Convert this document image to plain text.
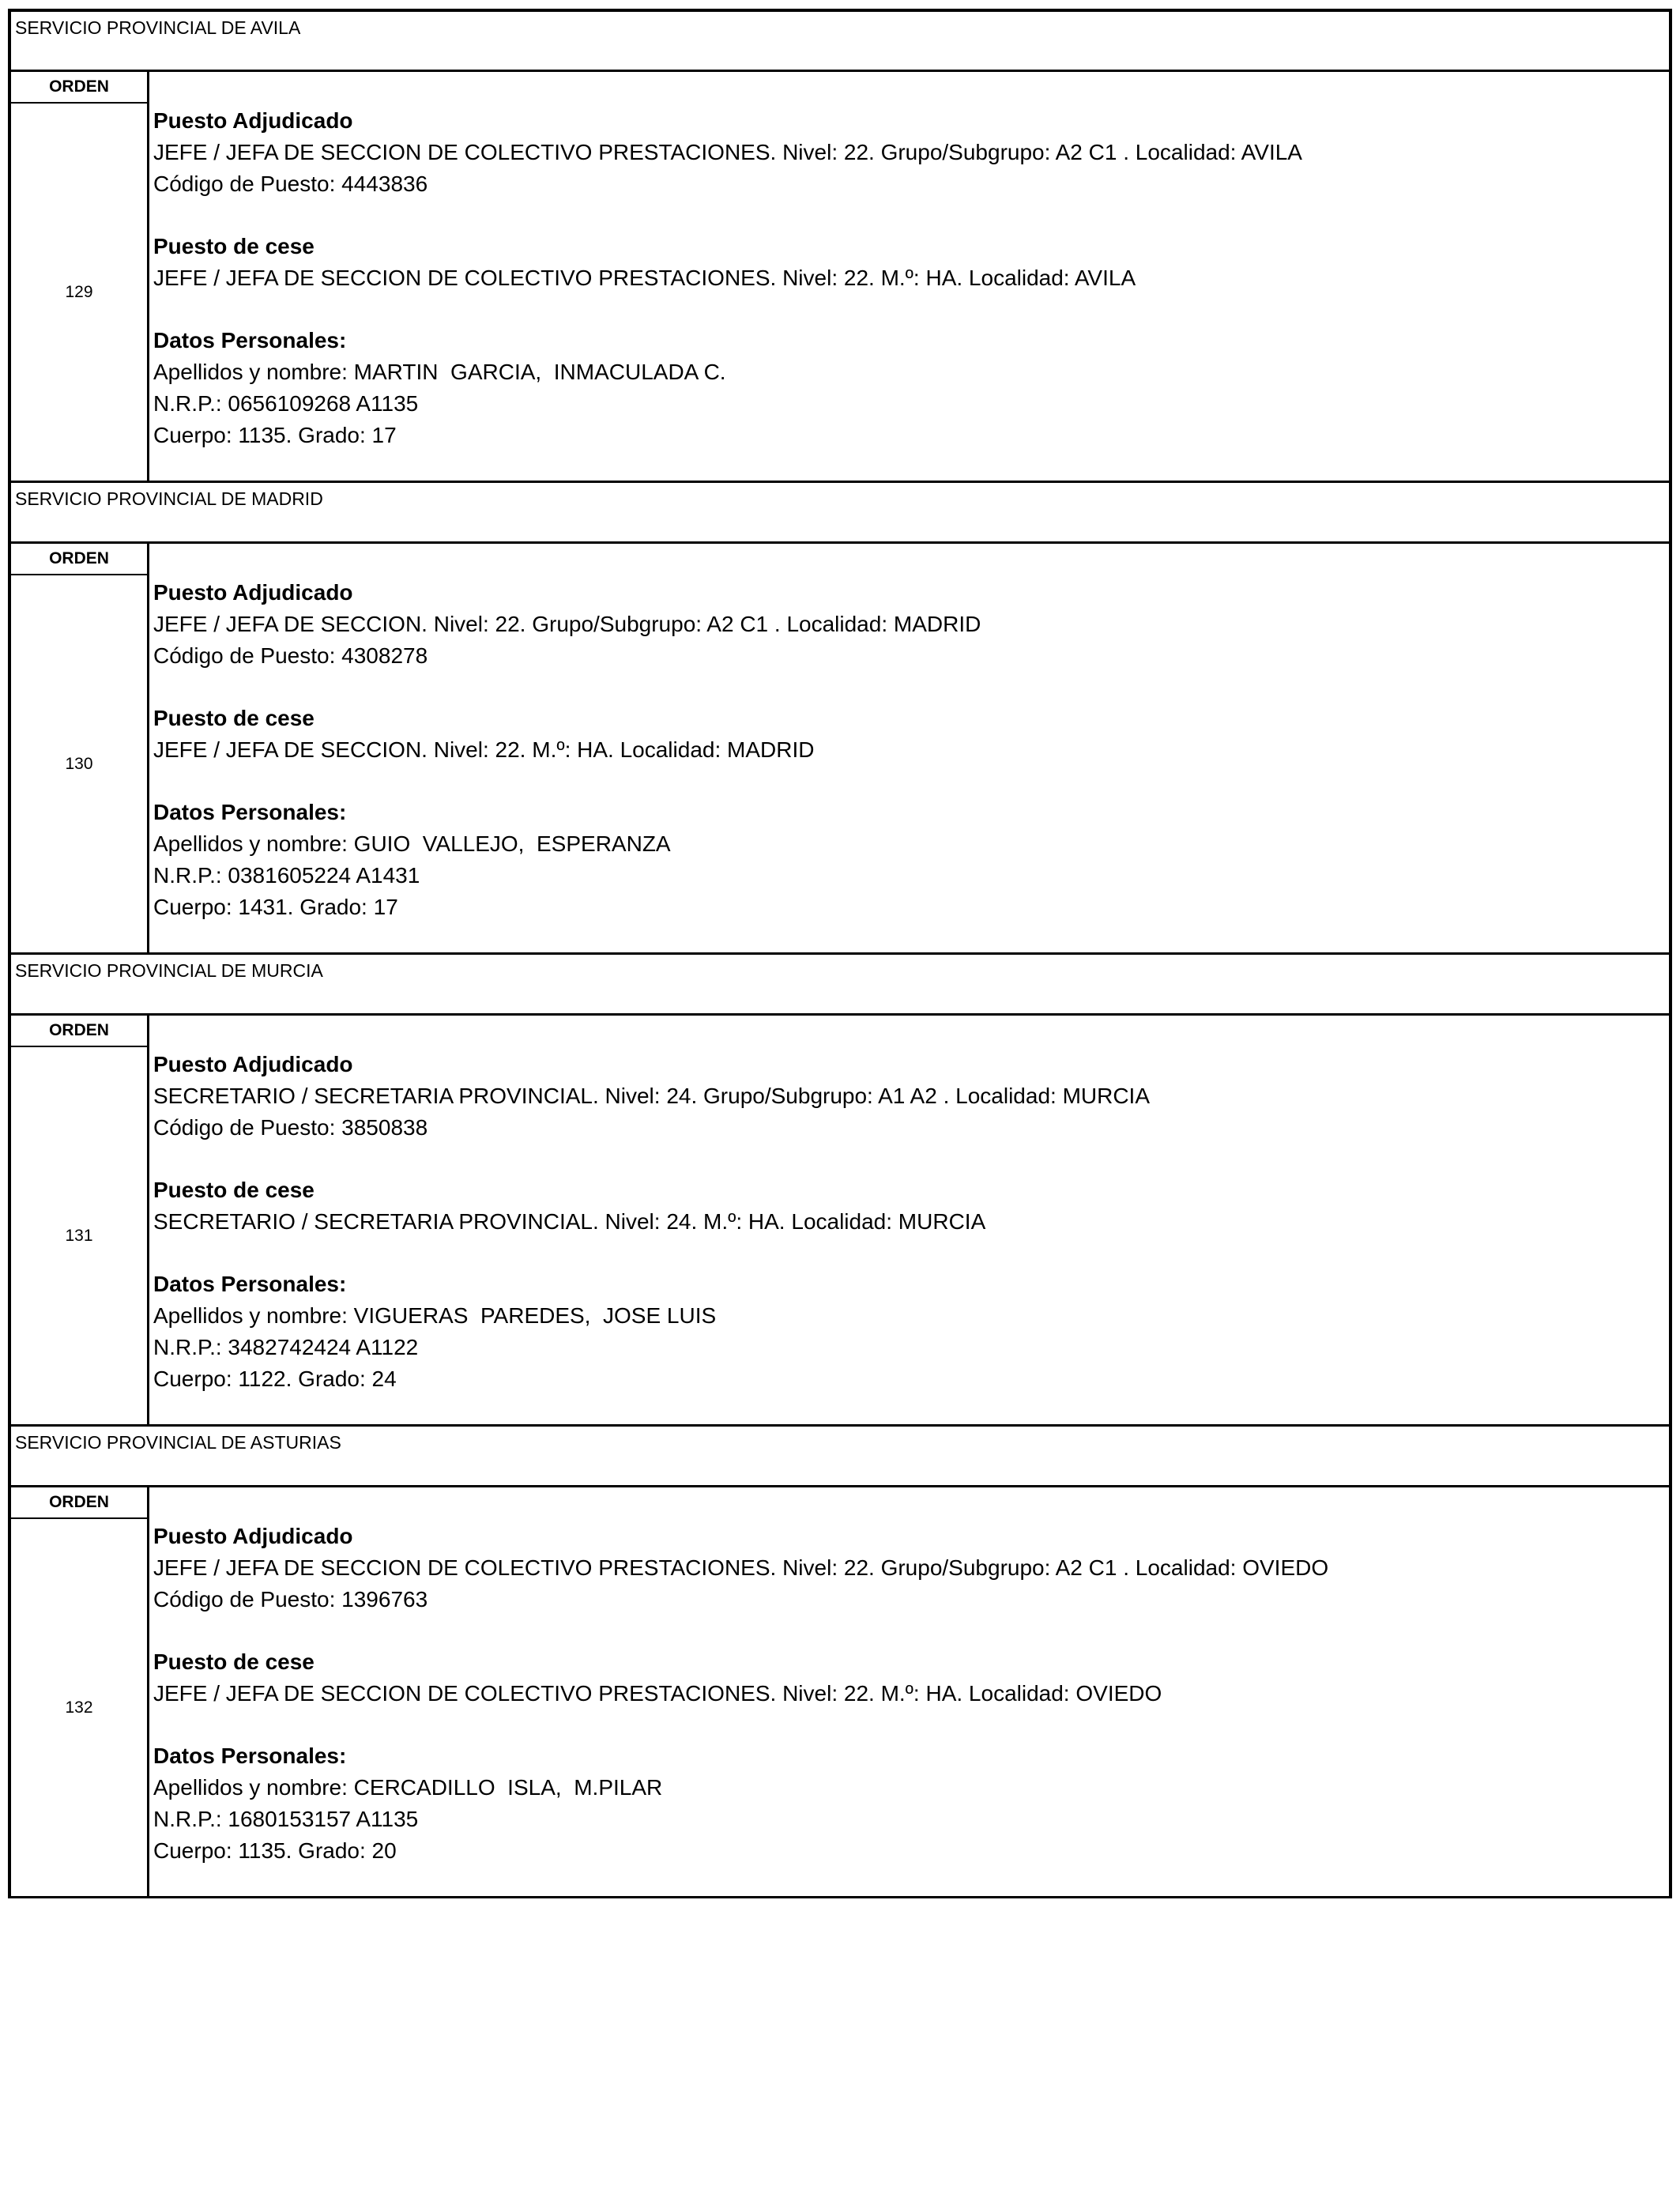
SERVICIO PROVINCIAL DE AVILA
ORDEN
129
Puesto Adjudicado
JEFE / JEFA DE SECCION DE COLECTIVO PRESTACIONES. Nivel: 22. Grupo/Subgrupo: A2 C1 . Localidad: AVILA
Código de Puesto: 4443836
Puesto de cese
JEFE / JEFA DE SECCION DE COLECTIVO PRESTACIONES. Nivel: 22. M.º: HA. Localidad: AVILA
Datos Personales:
Apellidos y nombre: MARTIN  GARCIA,  INMACULADA C.
N.R.P.: 0656109268 A1135
Cuerpo: 1135. Grado: 17
SERVICIO PROVINCIAL DE MADRID
ORDEN
130
Puesto Adjudicado
JEFE / JEFA DE SECCION. Nivel: 22. Grupo/Subgrupo: A2 C1 . Localidad: MADRID
Código de Puesto: 4308278
Puesto de cese
JEFE / JEFA DE SECCION. Nivel: 22. M.º: HA. Localidad: MADRID
Datos Personales:
Apellidos y nombre: GUIO  VALLEJO,  ESPERANZA
N.R.P.: 0381605224 A1431
Cuerpo: 1431. Grado: 17
SERVICIO PROVINCIAL DE MURCIA
ORDEN
131
Puesto Adjudicado
SECRETARIO / SECRETARIA PROVINCIAL. Nivel: 24. Grupo/Subgrupo: A1 A2 . Localidad: MURCIA
Código de Puesto: 3850838
Puesto de cese
SECRETARIO / SECRETARIA PROVINCIAL. Nivel: 24. M.º: HA. Localidad: MURCIA
Datos Personales:
Apellidos y nombre: VIGUERAS  PAREDES,  JOSE LUIS
N.R.P.: 3482742424 A1122
Cuerpo: 1122. Grado: 24
SERVICIO PROVINCIAL DE ASTURIAS
ORDEN
132
Puesto Adjudicado
JEFE / JEFA DE SECCION DE COLECTIVO PRESTACIONES. Nivel: 22. Grupo/Subgrupo: A2 C1 . Localidad: OVIEDO
Código de Puesto: 1396763
Puesto de cese
JEFE / JEFA DE SECCION DE COLECTIVO PRESTACIONES. Nivel: 22. M.º: HA. Localidad: OVIEDO
Datos Personales:
Apellidos y nombre: CERCADILLO  ISLA,  M.PILAR
N.R.P.: 1680153157 A1135
Cuerpo: 1135. Grado: 20
